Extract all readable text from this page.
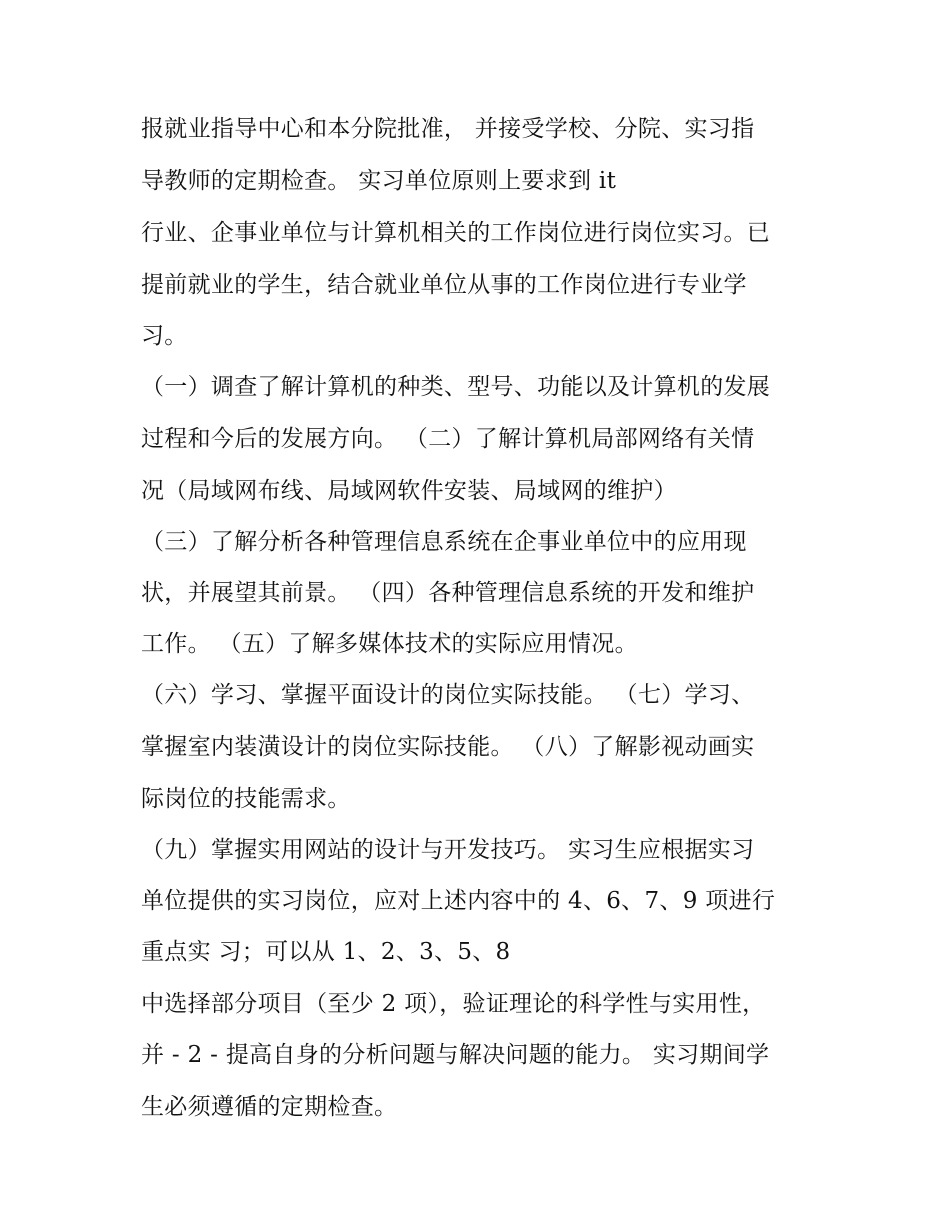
报就业指导中心和本分院批准， 并接受学校、分院、实习指
导教师的定期检查。 实习单位原则上要求到 it
行业、企事业单位与计算机相关的工作岗位进行岗位实习。已
提前就业的学生，结合就业单位从事的工作岗位进行专业学
习。
（一）调查了解计算机的种类、型号、功能以及计算机的发展
过程和今后的发展方向。 （二）了解计算机局部网络有关情
况（局域网布线、局域网软件安装、局域网的维护）
（三）了解分析各种管理信息系统在企事业单位中的应用现
状，并展望其前景。 （四）各种管理信息系统的开发和维护
工作。 （五）了解多媒体技术的实际应用情况。
（六）学习、掌握平面设计的岗位实际技能。 （七）学习、
掌握室内装潢设计的岗位实际技能。 （八）了解影视动画实
际岗位的技能需求。
（九）掌握实用网站的设计与开发技巧。 实习生应根据实习
单位提供的实习岗位，应对上述内容中的 4、6、7、9 项进行
重点实 习；可以从 1、2、3、5、8
中选择部分项目（至少 2 项），验证理论的科学性与实用性，
并 - 2 - 提高自身的分析问题与解决问题的能力。 实习期间学
生必须遵循的定期检查。
